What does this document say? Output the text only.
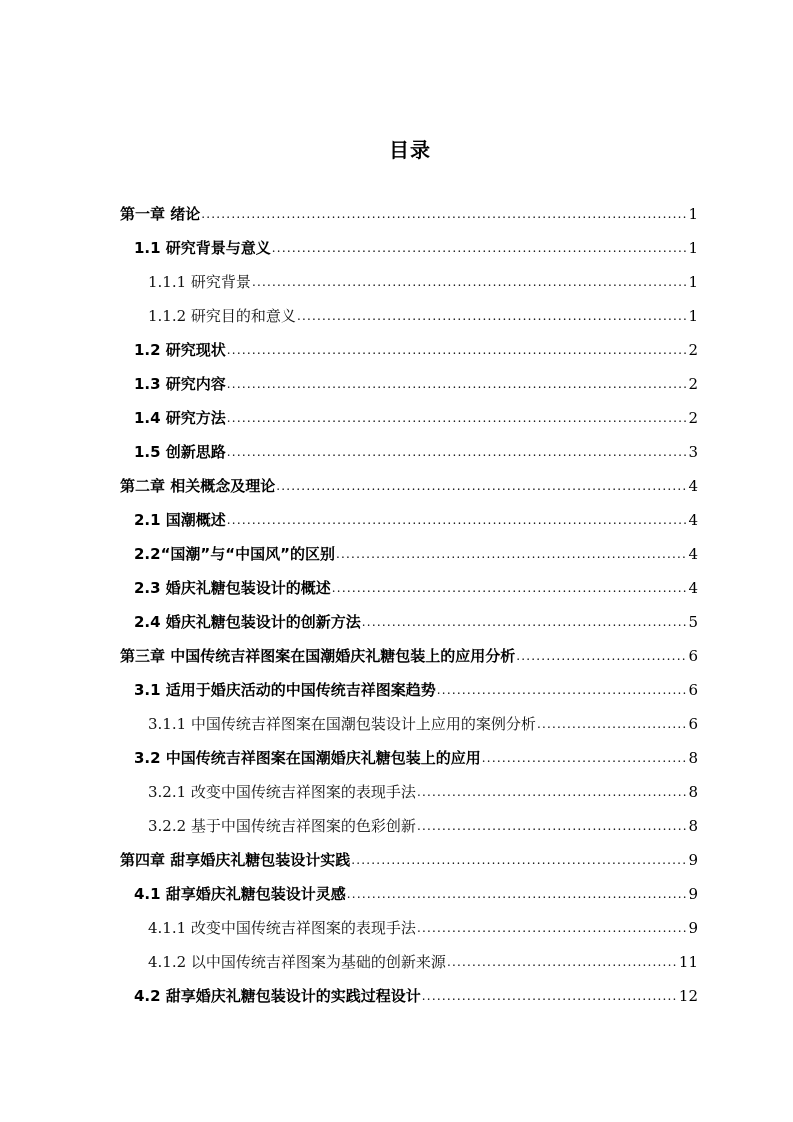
目录
第一章 绪论 .....	1
1.1 研究背景与意义 .....	1
1.1.1 研究背景 .....	1
1.1.2 研究目的和意义 .....	1
1.2 研究现状 .....	2
1.3 研究内容 .....	2
1.4 研究方法 .....	2
1.5 创新思路 .....	3
第二章 相关概念及理论 .....	4
2.1 国潮概述 .....	4
2.2“国潮”与“中国风”的区别 .....	4
2.3 婚庆礼糖包装设计的概述 .....	4
2.4 婚庆礼糖包装设计的创新方法 .....	5
第三章 中国传统吉祥图案在国潮婚庆礼糖包装上的应用分析 .....	6
3.1 适用于婚庆活动的中国传统吉祥图案趋势 .....	6
3.1.1 中国传统吉祥图案在国潮包装设计上应用的案例分析 .....	6
3.2 中国传统吉祥图案在国潮婚庆礼糖包装上的应用 .....	8
3.2.1 改变中国传统吉祥图案的表现手法 .....	8
3.2.2 基于中国传统吉祥图案的色彩创新 .....	8
第四章 甜享婚庆礼糖包装设计实践 .....	9
4.1 甜享婚庆礼糖包装设计灵感 .....	9
4.1.1 改变中国传统吉祥图案的表现手法 .....	9
4.1.2 以中国传统吉祥图案为基础的创新来源 .....	11
4.2 甜享婚庆礼糖包装设计的实践过程设计 .....	12
